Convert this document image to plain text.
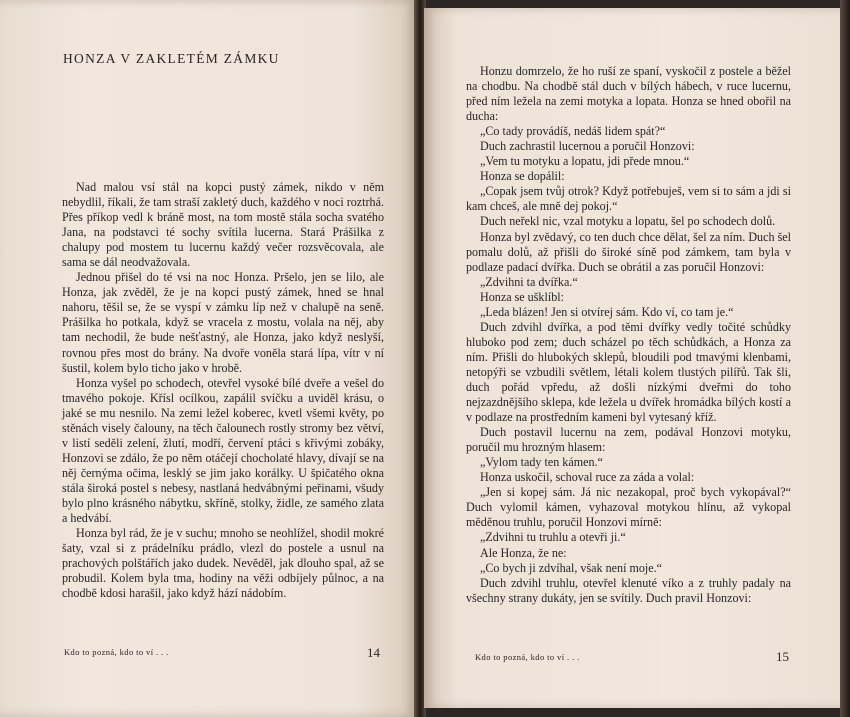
HONZA V ZAKLETÉM ZÁMKU

Nad malou vsí stál na kopci pustý zámek, nikdo v něm nebydlil, říkali, že tam straší zakletý duch, každého v noci roztrhá. Přes příkop vedl k bráně most, na tom mostě stála socha svatého Jana, na podstavci té sochy svítila lucerna. Stará Prášilka z chalupy pod mostem tu lucernu každý večer rozsvěcovala, ale sama se dál neodvažovala.

Jednou přišel do té vsi na noc Honza. Pršelo, jen se lilo, ale Honza, jak zvěděl, že je na kopci pustý zámek, hned se hnal nahoru, těšil se, že se vyspí v zámku líp než v chalupě na seně. Prášilka ho potkala, když se vracela z mostu, volala na něj, aby tam nechodil, že bude nešťastný, ale Honza, jako když neslyší, rovnou přes most do brány. Na dvoře voněla stará lípa, vítr v ní šustil, kolem bylo ticho jako v hrobě.

Honza vyšel po schodech, otevřel vysoké bílé dveře a vešel do tmavého pokoje. Křísl ocílkou, zapálil svíčku a uviděl krásu, o jaké se mu nesnilo. Na zemi ležel koberec, kvetl všemi květy, po stěnách visely čalouny, na těch čalounech rostly stromy bez větví, v listí seděli zelení, žlutí, modří, červení ptáci s křivými zobáky, Honzovi se zdálo, že po něm otáčejí chocholaté hlavy, dívají se na něj černýma očima, lesklý se jim jako korálky. U špičatého okna stála široká postel s nebesy, nastlaná hedvábnými peřinami, všudy bylo plno krásného nábytku, skříně, stolky, židle, ze samého zlata a hedvábí.

Honza byl rád, že je v suchu; mnoho se neohlížel, shodil mokré šaty, vzal si z prádelníku prádlo, vlezl do postele a usnul na prachových polštářích jako dudek. Nevěděl, jak dlouho spal, až se probudil. Kolem byla tma, hodiny na věži odbíjely půlnoc, a na chodbě kdosi harašil, jako když hází nádobím.

Kdo to pozná, kdo to ví . . .	14

Honzu domrzelo, že ho ruší ze spaní, vyskočil z postele a běžel na chodbu. Na chodbě stál duch v bílých hábech, v ruce lucernu, před ním ležela na zemi motyka a lopata. Honza se hned obořil na ducha:

„Co tady provádíš, nedáš lidem spát?“

Duch zachrastil lucernou a poručil Honzovi:

„Vem tu motyku a lopatu, jdi přede mnou.“

Honza se dopálil:

„Copak jsem tvůj otrok? Když potřebuješ, vem si to sám a jdi si kam chceš, ale mně dej pokoj.“

Duch neřekl nic, vzal motyku a lopatu, šel po schodech dolů.

Honza byl zvědavý, co ten duch chce dělat, šel za ním. Duch šel pomalu dolů, až přišli do široké síně pod zámkem, tam byla v podlaze padací dvířka. Duch se obrátil a zas poručil Honzovi:

„Zdvihni ta dvířka.“

Honza se ušklíbl:

„Leda blázen! Jen si otvírej sám. Kdo ví, co tam je.“

Duch zdvihl dvířka, a pod těmi dvířky vedly točité schůdky hluboko pod zem; duch scházel po těch schůdkách, a Honza za ním. Přišli do hlubokých sklepů, bloudili pod tmavými klenbami, netopýři se vzbudili světlem, létali kolem tlustých pilířů. Tak šli, duch pořád vpředu, až došli nízkými dveřmi do toho nejzazdnějšího sklepa, kde ležela u dvířek hromádka bílých kostí a v podlaze na prostředním kameni byl vytesaný kříž.

Duch postavil lucernu na zem, podával Honzovi motyku, poručil mu hrozným hlasem:

„Vylom tady ten kámen.“

Honza uskočil, schoval ruce za záda a volal:

„Jen si kopej sám. Já nic nezakopal, proč bych vykopával?“ Duch vylomil kámen, vyhazoval motykou hlínu, až vykopal měděnou truhlu, poručil Honzovi mírně:

„Zdvihni tu truhlu a otevři ji.“

Ale Honza, že ne:

„Co bych ji zdvíhal, však není moje.“

Duch zdvihl truhlu, otevřel klenuté víko a z truhly padaly na všechny strany dukáty, jen se svítily. Duch pravil Honzovi:

Kdo to pozná, kdo to ví . . .	15
